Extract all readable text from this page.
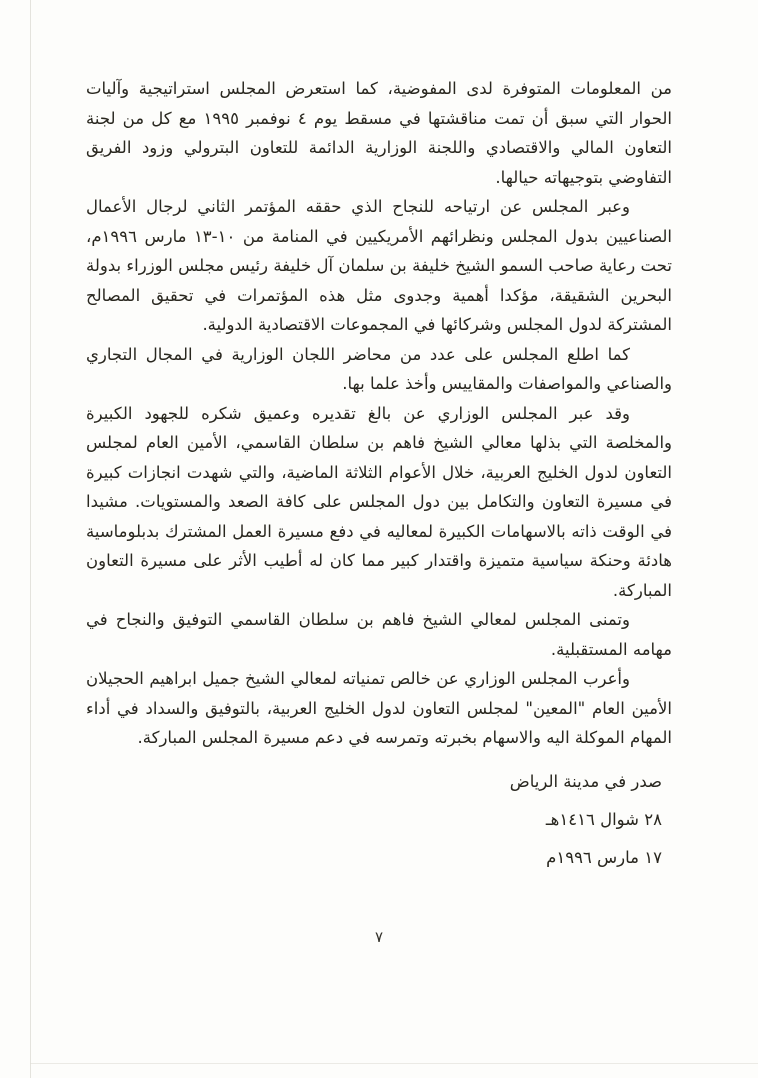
من المعلومات المتوفرة لدى المفوضية، كما استعرض المجلس استراتيجية وآليات الحوار التي سبق أن تمت مناقشتها في مسقط يوم ٤ نوفمبر ١٩٩٥ مع كل من لجنة التعاون المالي والاقتصادي واللجنة الوزارية الدائمة للتعاون البترولي وزود الفريق التفاوضي بتوجيهاته حيالها.

وعبر المجلس عن ارتياحه للنجاح الذي حققه المؤتمر الثاني لرجال الأعمال الصناعيين بدول المجلس ونظرائهم الأمريكيين في المنامة من ١٠-١٣ مارس ١٩٩٦م، تحت رعاية صاحب السمو الشيخ خليفة بن سلمان آل خليفة رئيس مجلس الوزراء بدولة البحرين الشقيقة، مؤكدا أهمية وجدوى مثل هذه المؤتمرات في تحقيق المصالح المشتركة لدول المجلس وشركائها في المجموعات الاقتصادية الدولية.

كما اطلع المجلس على عدد من محاضر اللجان الوزارية في المجال التجاري والصناعي والمواصفات والمقاييس وأخذ علما بها.

وقد عبر المجلس الوزاري عن بالغ تقديره وعميق شكره للجهود الكبيرة والمخلصة التي بذلها معالي الشيخ فاهم بن سلطان القاسمي، الأمين العام لمجلس التعاون لدول الخليج العربية، خلال الأعوام الثلاثة الماضية، والتي شهدت انجازات كبيرة في مسيرة التعاون والتكامل بين دول المجلس على كافة الصعد والمستويات. مشيدا في الوقت ذاته بالاسهامات الكبيرة لمعاليه في دفع مسيرة العمل المشترك بدبلوماسية هادئة وحنكة سياسية متميزة واقتدار كبير مما كان له أطيب الأثر على مسيرة التعاون المباركة.

وتمنى المجلس لمعالي الشيخ فاهم بن سلطان القاسمي التوفيق والنجاح في مهامه المستقبلية.

وأعرب المجلس الوزاري عن خالص تمنياته لمعالي الشيخ جميل ابراهيم الحجيلان الأمين العام "المعين" لمجلس التعاون لدول الخليج العربية، بالتوفيق والسداد في أداء المهام الموكلة اليه والاسهام بخبرته وتمرسه في دعم مسيرة المجلس المباركة.

صدر في مدينة الرياض

٢٨ شوال ١٤١٦هـ

١٧ مارس ١٩٩٦م

٧
